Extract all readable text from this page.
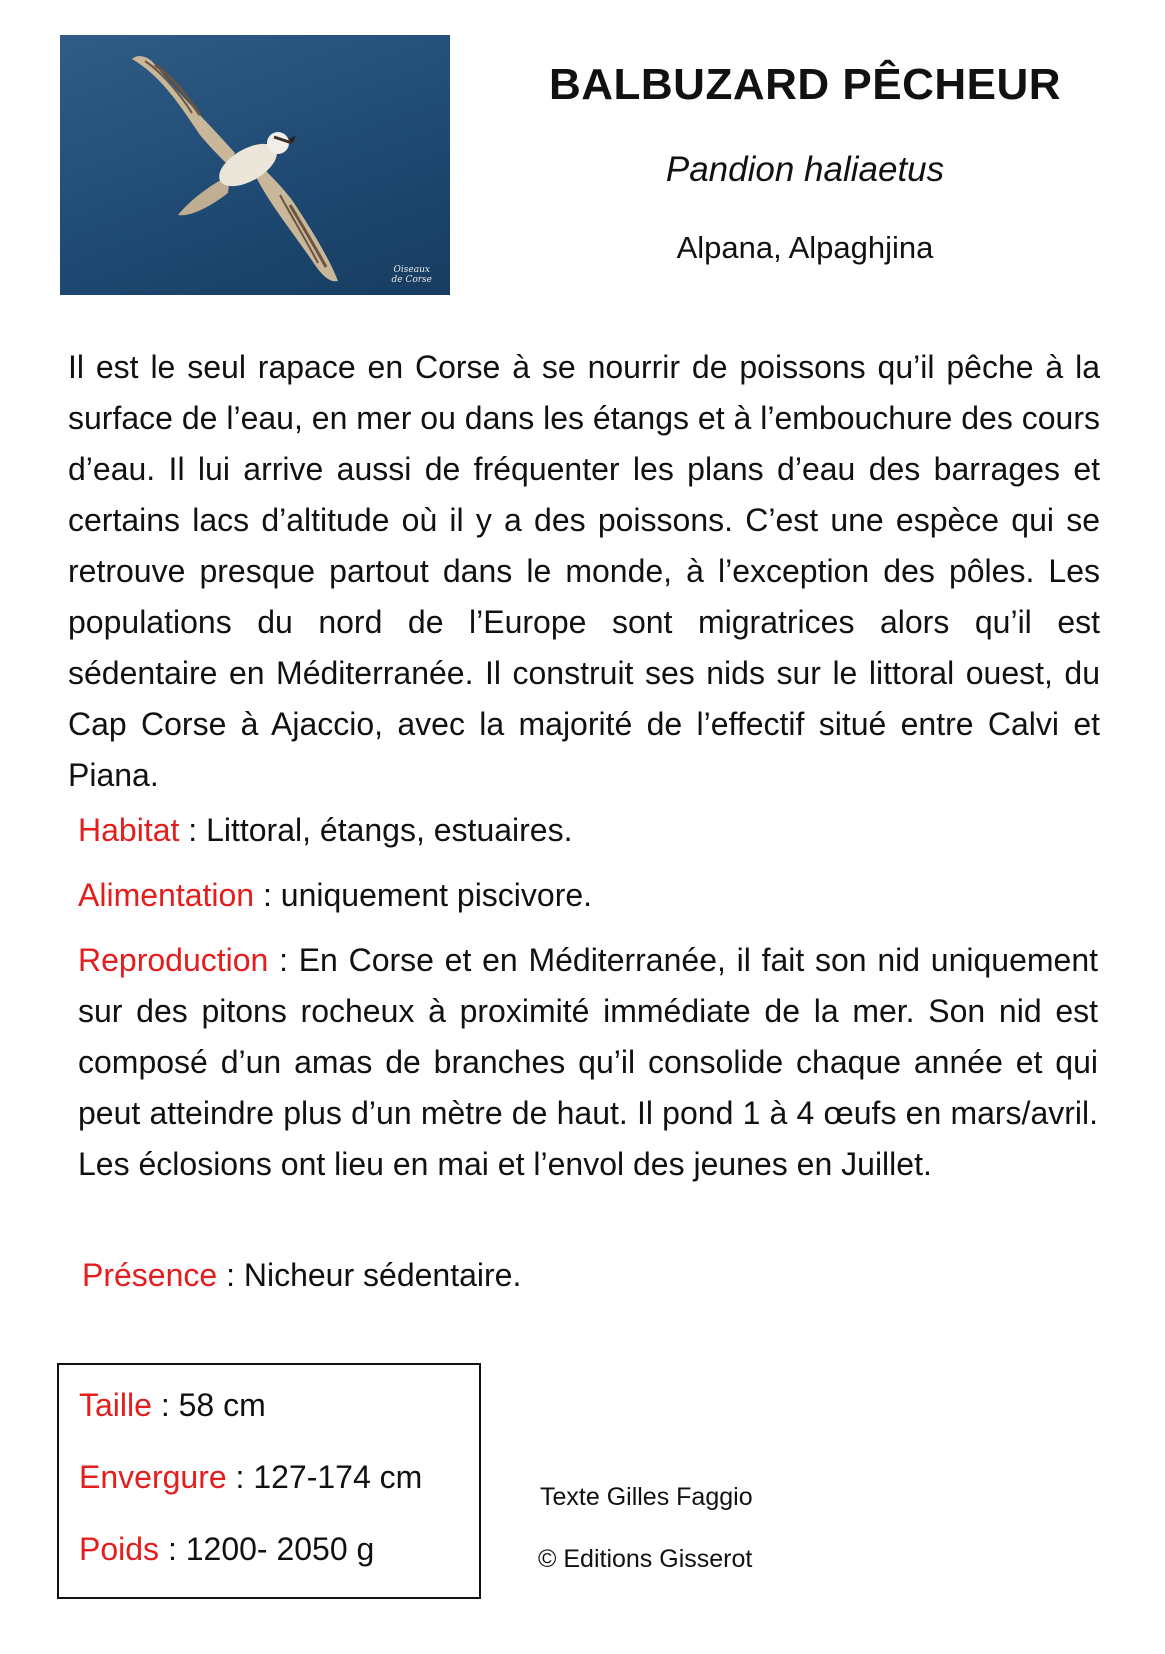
Oiseaux
de Corse
BALBUZARD PÊCHEUR
Pandion haliaetus
Alpana, Alpaghjina

Il est le seul rapace en Corse à se nourrir de poissons qu’il pêche à la surface de l’eau, en mer ou dans les étangs et à l’embouchure des cours d’eau. Il lui arrive aussi de fréquenter les plans d’eau des barrages et certains lacs d’altitude où il y a des poissons. C’est une espèce qui se retrouve presque partout dans le monde, à l’exception des pôles. Les populations du nord de l’Europe sont migratrices alors qu’il est sédentaire en Méditerranée. Il construit ses nids sur le littoral ouest, du Cap Corse à Ajaccio, avec la majorité de l’effectif situé entre Calvi et Piana.

Habitat : Littoral, étangs, estuaires.

Alimentation : uniquement piscivore.

Reproduction : En Corse et en Méditerranée, il fait son nid uniquement sur des pitons rocheux à proximité immédiate de la mer. Son nid est composé d’un amas de branches qu’il consolide chaque année et qui peut atteindre plus d’un mètre de haut. Il pond 1 à 4 œufs en mars/avril. Les éclosions ont lieu en mai et l’envol des jeunes en Juillet.

Présence : Nicheur sédentaire.

Taille : 58 cm
Envergure : 127-174 cm
Poids : 1200- 2050 g
Texte Gilles Faggio
© Editions Gisserot
